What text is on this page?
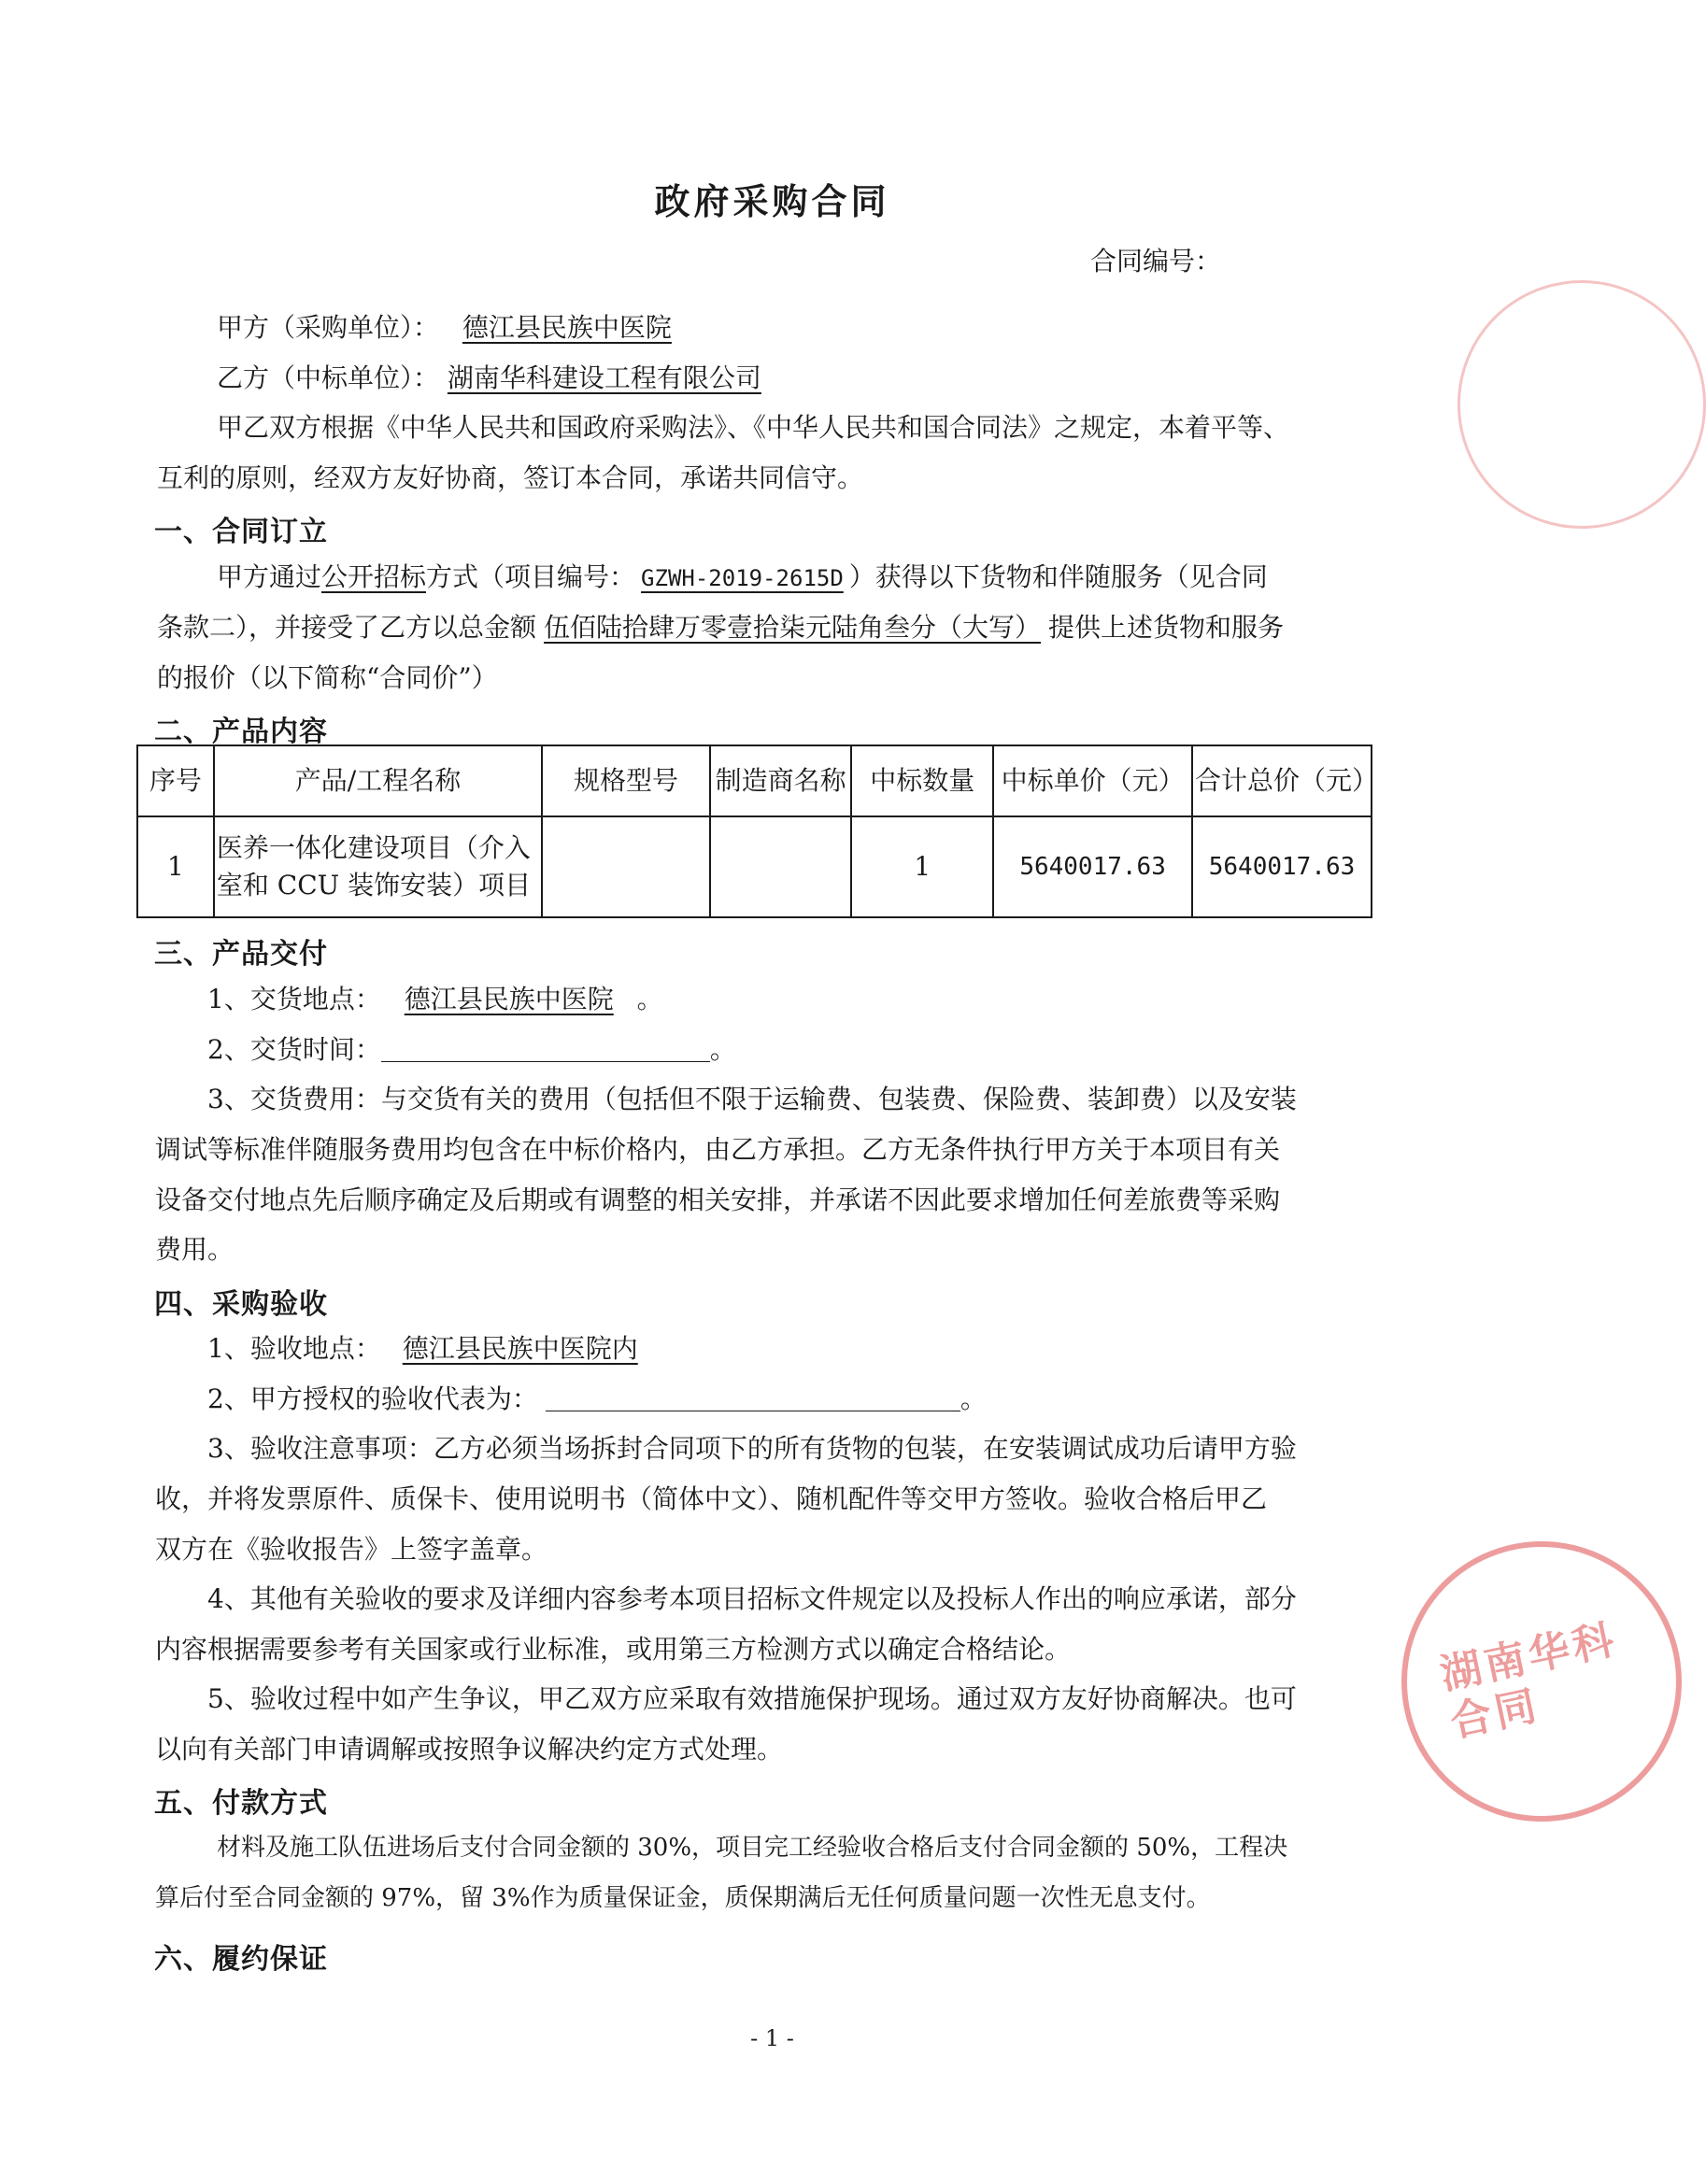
政府采购合同
合同编号：
甲方（采购单位）： 德江县民族中医院
乙方（中标单位）： 湖南华科建设工程有限公司
甲乙双方根据《中华人民共和国政府采购法》、《中华人民共和国合同法》之规定，本着平等、
互利的原则，经双方友好协商，签订本合同，承诺共同信守。
一、合同订立
甲方通过公开招标方式（项目编号： GZWH-2019-2615D ）获得以下货物和伴随服务（见合同
条款二），并接受了乙方以总金额 伍佰陆拾肆万零壹拾柒元陆角叁分（大写） 提供上述货物和服务
的报价（以下简称“合同价”）
二、产品内容
序号	产品/工程名称	规格型号	制造商名称	中标数量	中标单价（元）	合计总价（元）
1	医养一体化建设项目（介入
室和 CCU 装饰安装）项目			1	5640017.63	5640017.63
三、产品交付
1、交货地点： 德江县民族中医院 。
2、交货时间：	。
3、交货费用：与交货有关的费用（包括但不限于运输费、包装费、保险费、装卸费）以及安装
调试等标准伴随服务费用均包含在中标价格内，由乙方承担。乙方无条件执行甲方关于本项目有关
设备交付地点先后顺序确定及后期或有调整的相关安排，并承诺不因此要求增加任何差旅费等采购
费用。
四、采购验收
1、验收地点： 德江县民族中医院内
2、甲方授权的验收代表为：	。
3、验收注意事项：乙方必须当场拆封合同项下的所有货物的包装，在安装调试成功后请甲方验
收，并将发票原件、质保卡、使用说明书（简体中文）、随机配件等交甲方签收。验收合格后甲乙
双方在《验收报告》上签字盖章。
4、其他有关验收的要求及详细内容参考本项目招标文件规定以及投标人作出的响应承诺，部分
内容根据需要参考有关国家或行业标准，或用第三方检测方式以确定合格结论。
5、验收过程中如产生争议，甲乙双方应采取有效措施保护现场。通过双方友好协商解决。也可
以向有关部门申请调解或按照争议解决约定方式处理。
五、付款方式
材料及施工队伍进场后支付合同金额的 30%，项目完工经验收合格后支付合同金额的 50%，工程决
算后付至合同金额的 97%，留 3%作为质量保证金，质保期满后无任何质量问题一次性无息支付。
六、履约保证
- 1 -
湖南华科
合同
